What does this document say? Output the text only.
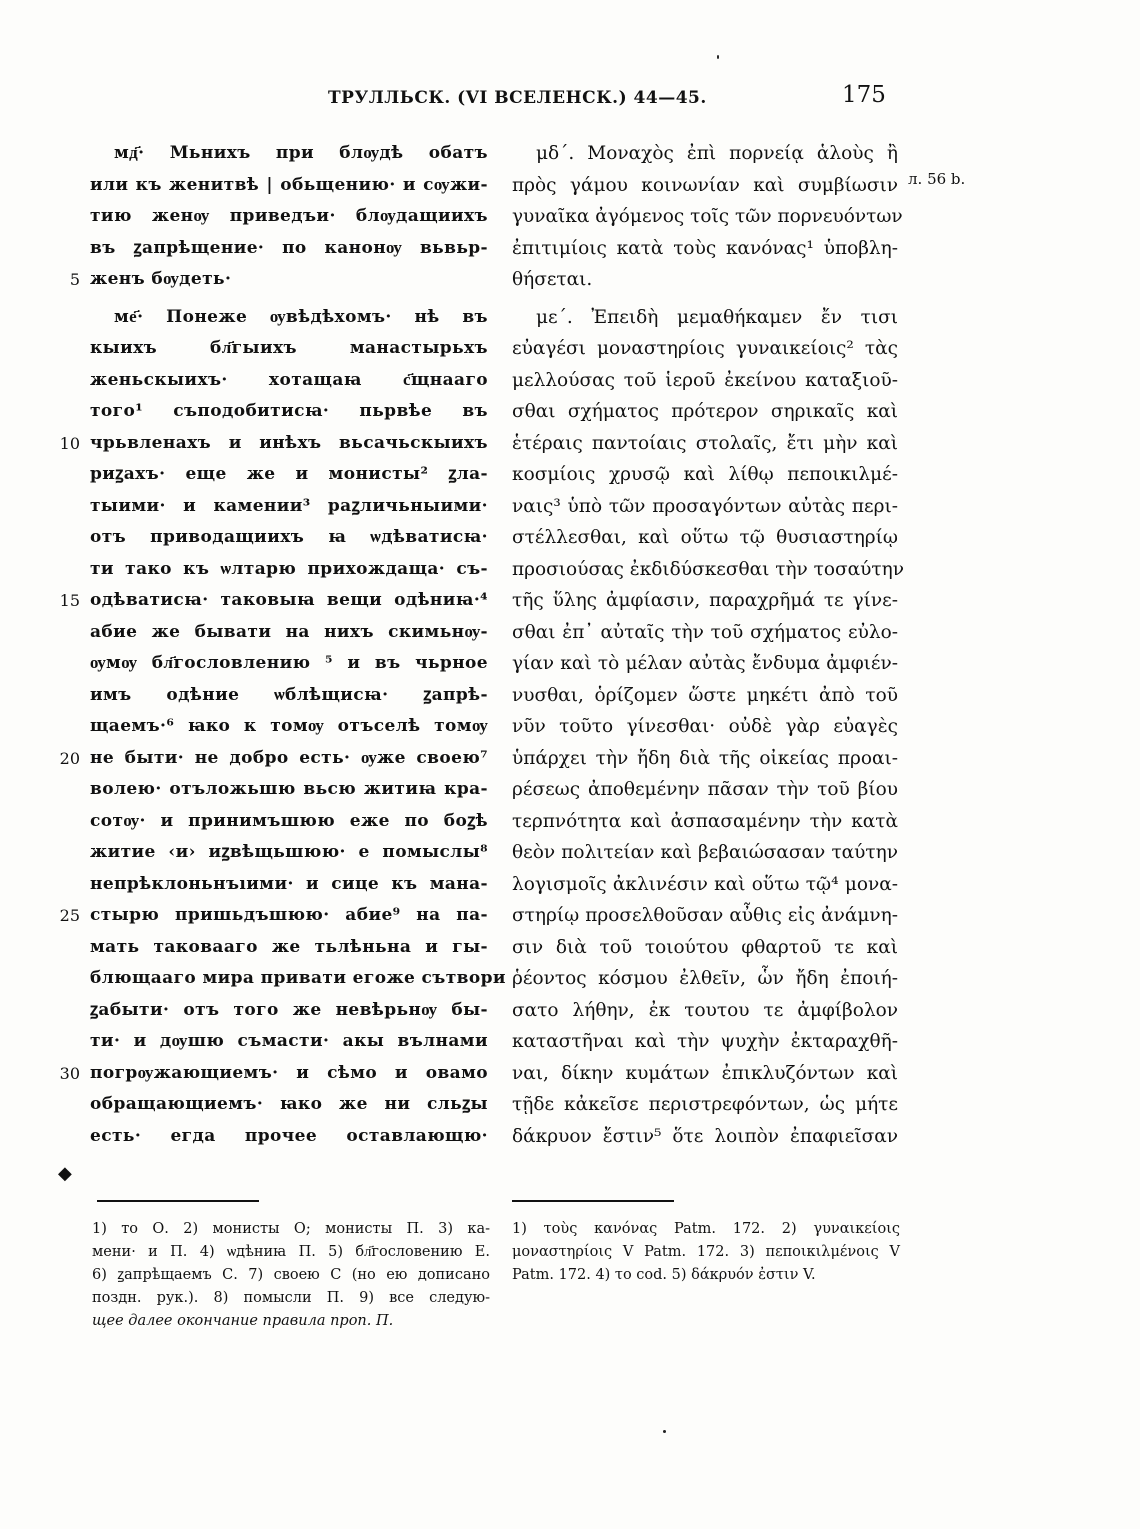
ТРУЛЛЬСК. (VI ВСЕЛЕНСК.) 44—45.	175
5
10
15
20
25
30
мд҃· Мьнихъ при блѹдѣ обатъ
или къ женитвѣ | обьщению· и сѹжи-
тию женѹ приведъи· блѹдащиихъ
въ ꙁапрѣщение· по канонѹ вьвьр-
женъ бѹдеть·
ме҃· Понеже ѹвѣдѣхомъ· нѣ въ
кыихъ бл҃гыихъ манастырьхъ
женьскыихъ· хотащаꙗ с҃щнааго
того¹ съподобитисꙗ· пьрвѣе въ
чрьвленахъ и инѣхъ вьсачьскыихъ
риꙁахъ· еще же и монисты² ꙁла-
тыими· и камении³ раꙁличьныими·
отъ приводащиихъ ꙗ ѡдѣватисꙗ·
ти тако къ ѡлтарю прихождаща· съ-
одѣватисꙗ· таковыꙗ вещи одѣниꙗ·⁴
абие же бывати на нихъ скимьнѹ-
ѹмѹ бл҃гословлению ⁵ и въ чьрное
имъ одѣние ѡблѣщисꙗ· ꙁапрѣ-
щаемъ·⁶ ꙗко к томѹ отъселѣ томѹ
не быти· не добро есть· ѹже своею⁷
волею· отъложьшю вьсю житиꙗ кра-
сотѹ· и принимъшюю еже по боꙁѣ
житие ‹и› иꙁвѣщьшюю· е помыслы⁸
непрѣклоньнъıими· и сице къ мана-
стырю пришьдъшюю· абие⁹ на па-
мать таковааго же тьлѣньна и гы-
блющааго мира привати егоже сътвори
ꙁабыти· отъ того же невѣрьнѹ бы-
ти· и дѹшю съмасти· акы вълнами
погрѹжающиемъ· и сѣмо и овамо
обращающиемъ· ꙗко же ни сльꙁы
есть· егда прочее оставлающю·
μδ΄. Μοναχὸς ἐπὶ πορνείᾳ ἁλοὺς ἢ
πρὸς γάμου κοινωνίαν καὶ συμβίωσιν
γυναῖκα ἀγόμενος τοῖς τῶν πορνευόντων
ἐπιτιμίοις κατὰ τοὺς κανόνας¹ ὑποβλη-
θήσεται.
με΄. Ἐπειδὴ μεμαθήκαμεν ἔν τισι
εὐαγέσι μοναστηρίοις γυναικείοις² τὰς
μελλούσας τοῦ ἱεροῦ ἐκείνου καταξιοῦ-
σθαι σχήματος πρότερον σηρικαῖς καὶ
ἑτέραις παντοίαις στολαῖς, ἔτι μὴν καὶ
κοσμίοις χρυσῷ καὶ λίθῳ πεποικιλμέ-
ναις³ ὑπὸ τῶν προσαγόντων αὐτὰς περι-
στέλλεσθαι, καὶ οὕτω τῷ θυσιαστηρίῳ
προσιούσας ἐκδιδύσκεσθαι τὴν τοσαύτην
τῆς ὕλης ἀμφίασιν, παραχρῆμά τε γίνε-
σθαι ἐπ᾽ αὐταῖς τὴν τοῦ σχήματος εὐλο-
γίαν καὶ τὸ μέλαν αὐτὰς ἔνδυμα ἀμφιέν-
νυσθαι, ὁρίζομεν ὥστε μηκέτι ἀπὸ τοῦ
νῦν τοῦτο γίνεσθαι· οὐδὲ γὰρ εὐαγὲς
ὑπάρχει τὴν ἤδη διὰ τῆς οἰκείας προαι-
ρέσεως ἀποθεμένην πᾶσαν τὴν τοῦ βίου
τερπνότητα καὶ ἀσπασαμένην τὴν κατὰ
θεὸν πολιτείαν καὶ βεβαιώσασαν ταύτην
λογισμοῖς ἀκλινέσιν καὶ οὕτω τῷ⁴ μονα-
στηρίῳ προσελθοῦσαν αὖθις εἰς ἀνάμνη-
σιν διὰ τοῦ τοιούτου φθαρτοῦ τε καὶ
ῥέοντος κόσμου ἐλθεῖν, ὧν ἤδη ἐποιή-
σατο λήθην, ἐκ τουτου τε ἀμφίβολον
καταστῆναι καὶ τὴν ψυχὴν ἐκταραχθῆ-
ναι, δίκην κυμάτων ἐπικλυζόντων καὶ
τῇδε κἀκεῖσε περιστρεφόντων, ὡς μήτε
δάκρυον ἔστιν⁵ ὅτε λοιπὸν ἐπαφιεῖσαν
л. 56 b.
◆
1) то О. 2) монисты О; монисты П. 3) ка-
мени· и П. 4) ѡдѣниꙗ П. 5) бл҃гословению Е.
6) ꙁапрѣщаемъ С. 7) своею С (но ею дописано
поздн. рук.). 8) помысли П. 9) все следую-
щее далее окончание правила проп. П.
1) τοὺς κανόνας Patm. 172. 2) γυναικείοις
μοναστηρίοις V Patm. 172. 3) πεποικιλμένοις V
Patm. 172. 4) το cod. 5) δάκρυόν ἐστιν V.
